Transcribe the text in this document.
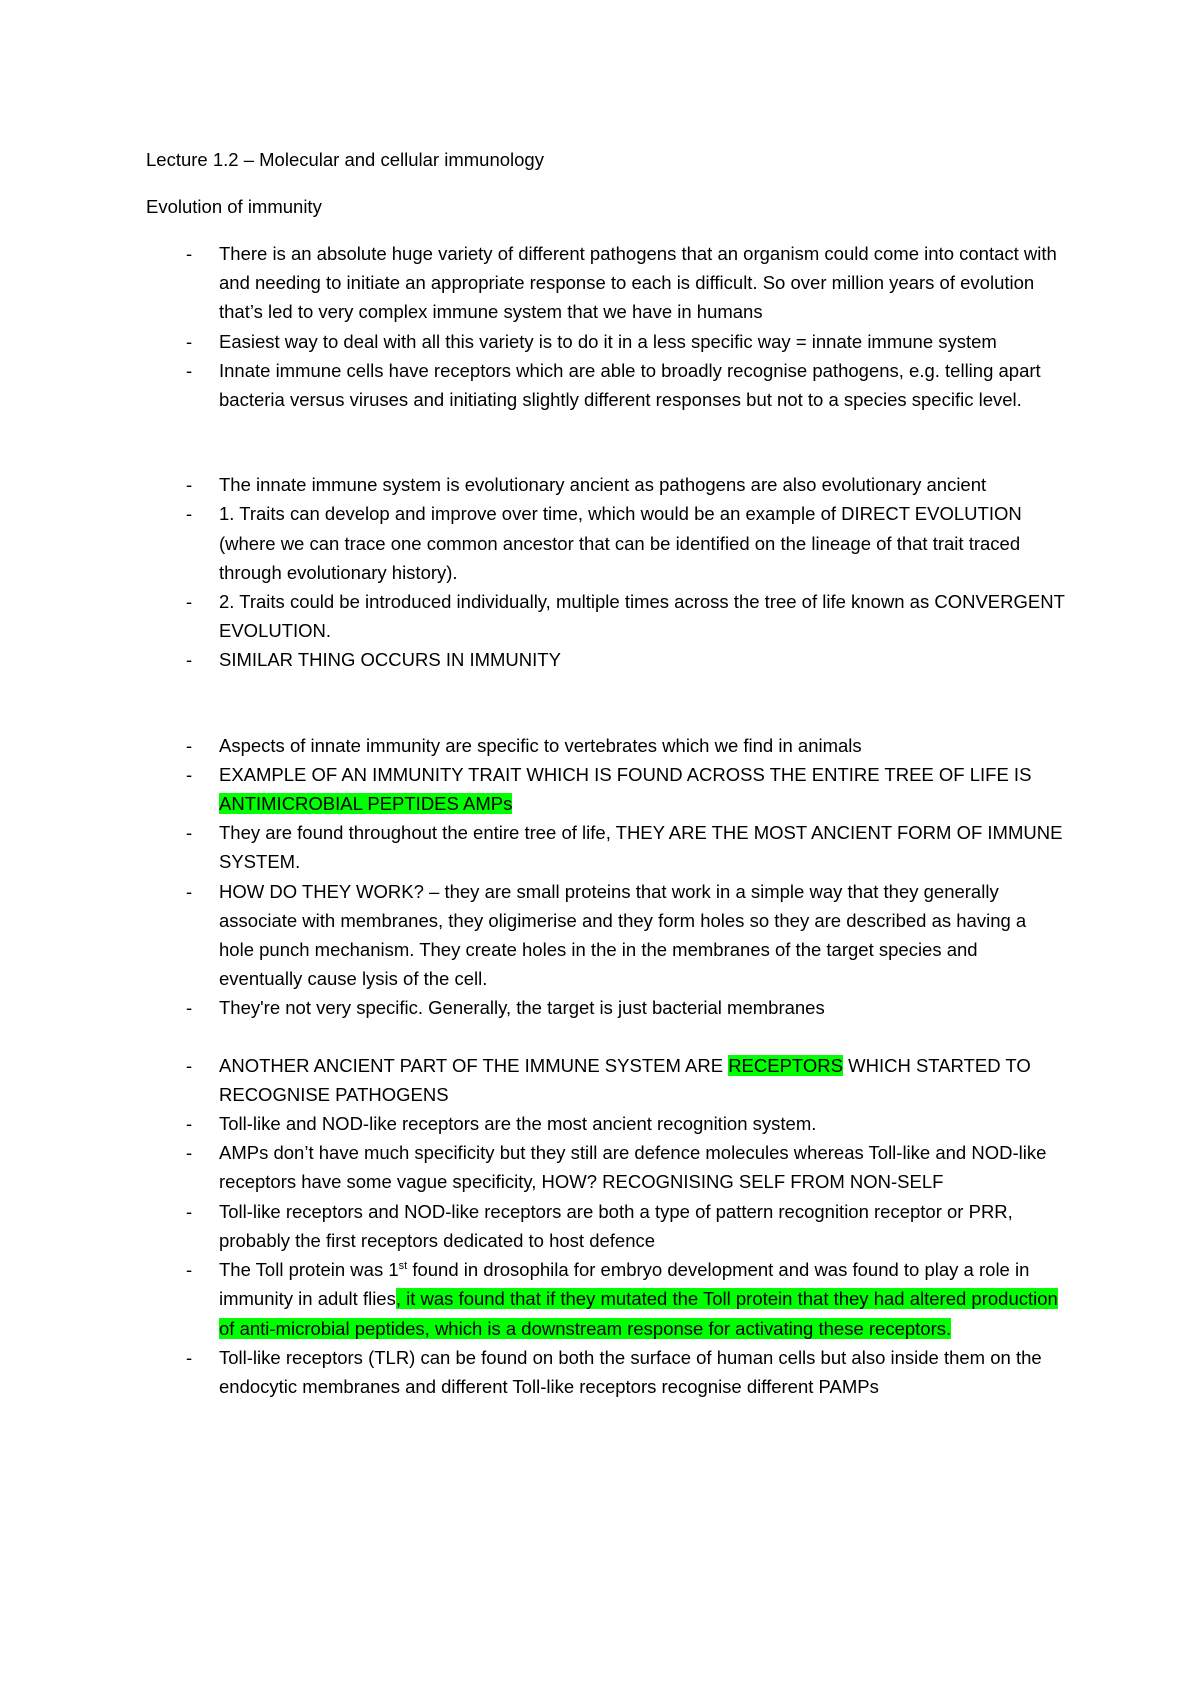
Lecture 1.2 – Molecular and cellular immunology
Evolution of immunity
- There is an absolute huge variety of different pathogens that an organism could come into contact with and needing to initiate an appropriate response to each is difficult. So over million years of evolution that’s led to very complex immune system that we have in humans
- Easiest way to deal with all this variety is to do it in a less specific way = innate immune system
- Innate immune cells have receptors which are able to broadly recognise pathogens, e.g. telling apart bacteria versus viruses and initiating slightly different responses but not to a species specific level.
- The innate immune system is evolutionary ancient as pathogens are also evolutionary ancient
- 1. Traits can develop and improve over time, which would be an example of DIRECT EVOLUTION (where we can trace one common ancestor that can be identified on the lineage of that trait traced through evolutionary history).
- 2. Traits could be introduced individually, multiple times across the tree of life known as CONVERGENT EVOLUTION.
- SIMILAR THING OCCURS IN IMMUNITY
- Aspects of innate immunity are specific to vertebrates which we find in animals
- EXAMPLE OF AN IMMUNITY TRAIT WHICH IS FOUND ACROSS THE ENTIRE TREE OF LIFE IS ANTIMICROBIAL PEPTIDES AMPs
- They are found throughout the entire tree of life, THEY ARE THE MOST ANCIENT FORM OF IMMUNE SYSTEM.
- HOW DO THEY WORK? – they are small proteins that work in a simple way that they generally associate with membranes, they oligimerise and they form holes so they are described as having a hole punch mechanism. They create holes in the in the membranes of the target species and eventually cause lysis of the cell.
- They're not very specific. Generally, the target is just bacterial membranes
- ANOTHER ANCIENT PART OF THE IMMUNE SYSTEM ARE RECEPTORS WHICH STARTED TO RECOGNISE PATHOGENS
- Toll-like and NOD-like receptors are the most ancient recognition system.
- AMPs don’t have much specificity but they still are defence molecules whereas Toll-like and NOD-like receptors have some vague specificity, HOW? RECOGNISING SELF FROM NON-SELF
- Toll-like receptors and NOD-like receptors are both a type of pattern recognition receptor or PRR, probably the first receptors dedicated to host defence
- The Toll protein was 1st found in drosophila for embryo development and was found to play a role in immunity in adult flies, it was found that if they mutated the Toll protein that they had altered production of anti-microbial peptides, which is a downstream response for activating these receptors.
- Toll-like receptors (TLR) can be found on both the surface of human cells but also inside them on the endocytic membranes and different Toll-like receptors recognise different PAMPs
